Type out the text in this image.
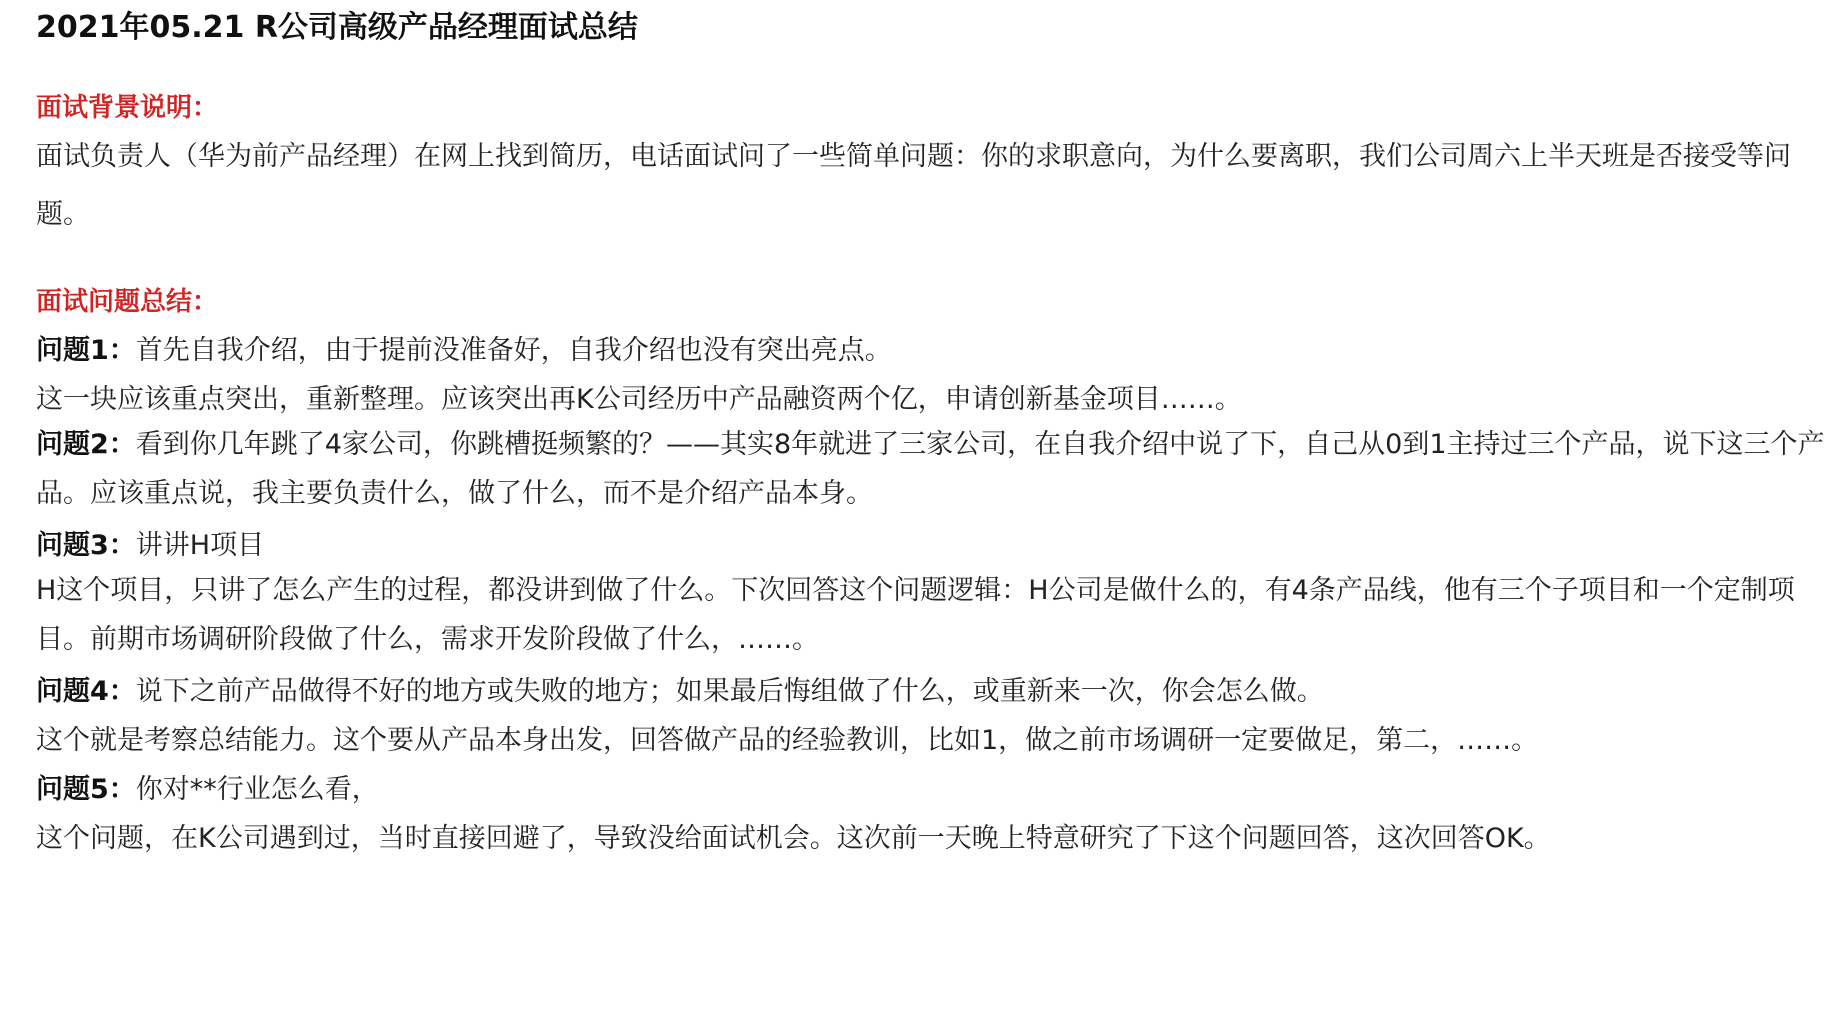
2021年05.21 R公司高级产品经理面试总结
面试背景说明：

面试负责人（华为前产品经理）在网上找到简历，电话面试问了一些简单问题：你的求职意向，为什么要离职，我们公司周六上半天班是否接受等问题。

面试问题总结：
问题1：首先自我介绍，由于提前没准备好，自我介绍也没有突出亮点。
这一块应该重点突出，重新整理。应该突出再K公司经历中产品融资两个亿，申请创新基金项目……。

问题2：看到你几年跳了4家公司，你跳槽挺频繁的？——其实8年就进了三家公司，在自我介绍中说了下，自己从0到1主持过三个产品，说下这三个产品。应该重点说，我主要负责什么，做了什么，而不是介绍产品本身。

问题3：讲讲H项目

H这个项目，只讲了怎么产生的过程，都没讲到做了什么。下次回答这个问题逻辑：H公司是做什么的，有4条产品线，他有三个子项目和一个定制项目。前期市场调研阶段做了什么，需求开发阶段做了什么，……。

问题4：说下之前产品做得不好的地方或失败的地方；如果最后悔组做了什么，或重新来一次，你会怎么做。
这个就是考察总结能力。这个要从产品本身出发，回答做产品的经验教训，比如1，做之前市场调研一定要做足，第二，……。
问题5：你对**行业怎么看，
这个问题，在K公司遇到过，当时直接回避了，导致没给面试机会。这次前一天晚上特意研究了下这个问题回答，这次回答OK。
